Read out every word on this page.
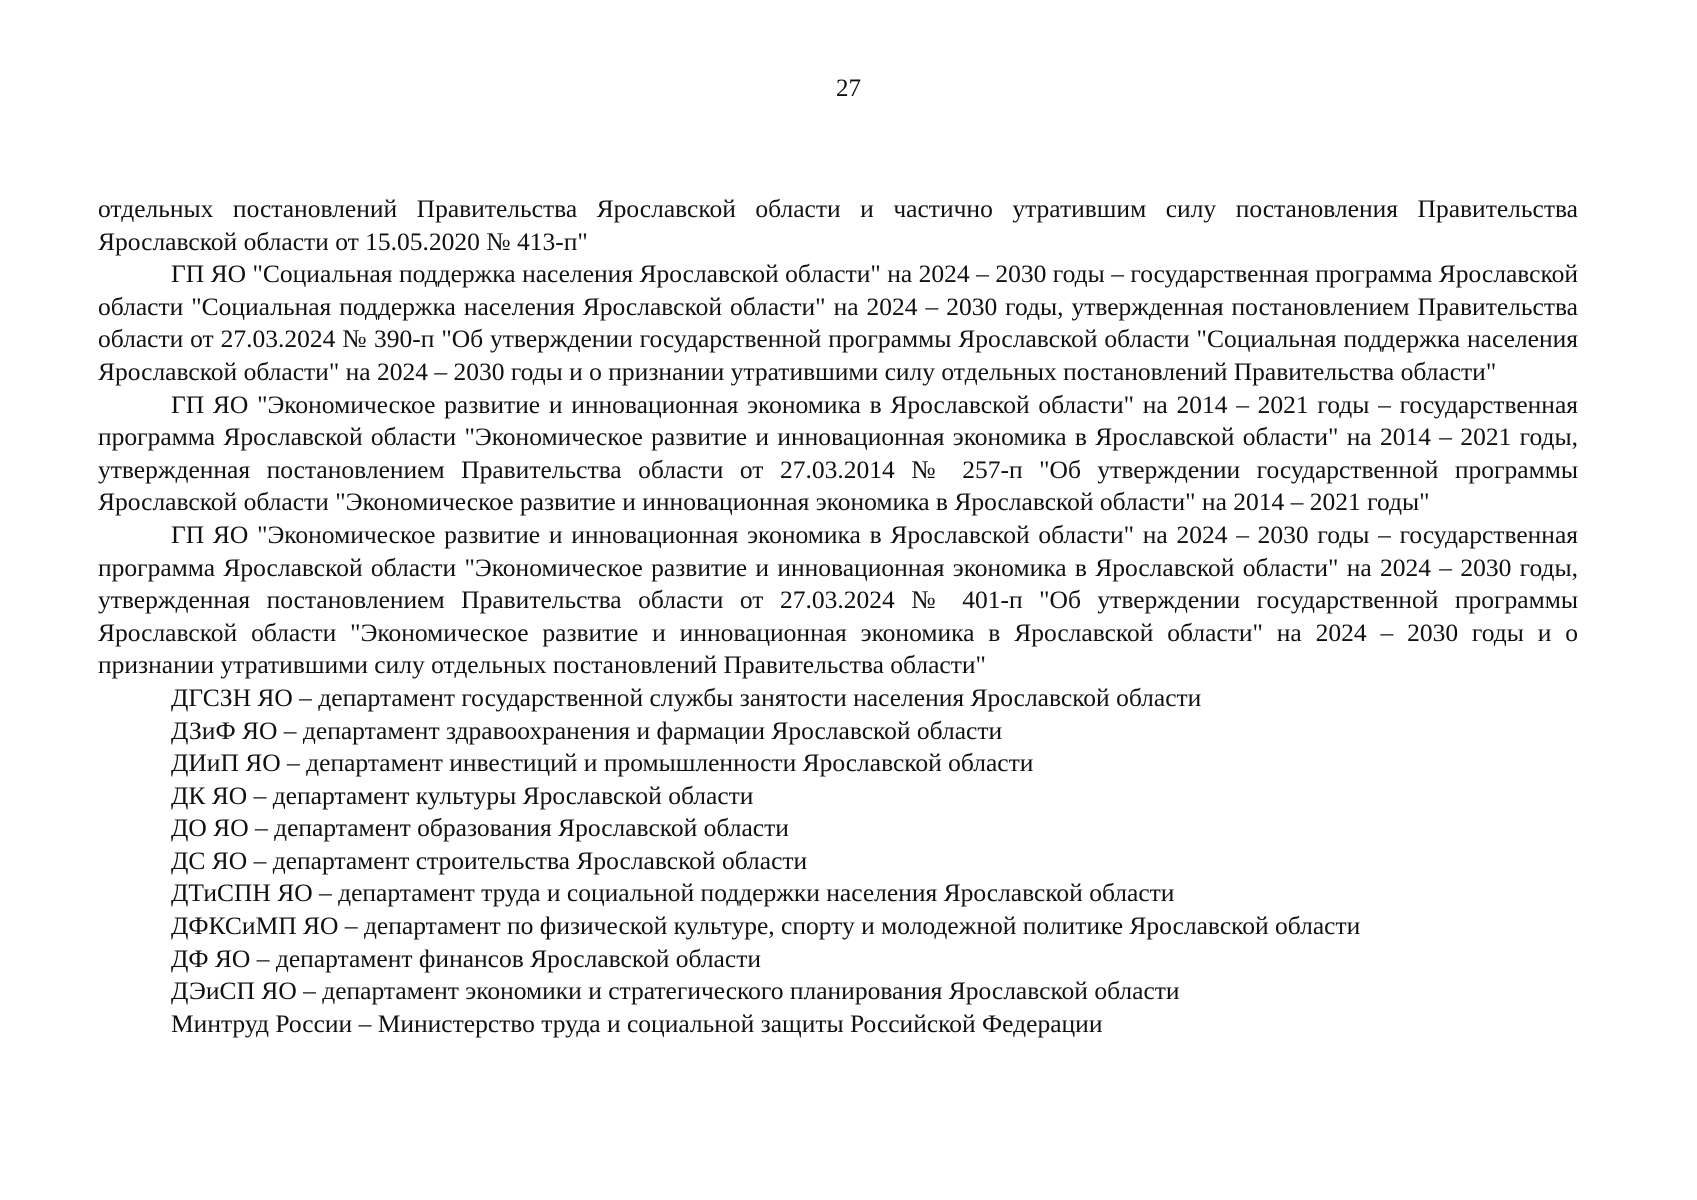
27

отдельных постановлений Правительства Ярославской области и частично утратившим силу постановления Правительства Ярославской области от 15.05.2020 № 413-п"

ГП ЯО "Социальная поддержка населения Ярославской области" на 2024 – 2030 годы – государственная программа Ярославской области "Социальная поддержка населения Ярославской области" на 2024 – 2030 годы, утвержденная постановлением Правительства области от 27.03.2024 № 390-п "Об утверждении государственной программы Ярославской области "Социальная поддержка населения Ярославской области" на 2024 – 2030 годы и о признании утратившими силу отдельных постановлений Правительства области"

ГП ЯО "Экономическое развитие и инновационная экономика в Ярославской области" на 2014 – 2021 годы – государственная программа Ярославской области "Экономическое развитие и инновационная экономика в Ярославской области" на 2014 – 2021 годы, утвержденная постановлением Правительства области от 27.03.2014 № 257-п "Об утверждении государственной программы Ярославской области "Экономическое развитие и инновационная экономика в Ярославской области" на 2014 – 2021 годы"

ГП ЯО "Экономическое развитие и инновационная экономика в Ярославской области" на 2024 – 2030 годы – государственная программа Ярославской области "Экономическое развитие и инновационная экономика в Ярославской области" на 2024 – 2030 годы, утвержденная постановлением Правительства области от 27.03.2024 № 401-п "Об утверждении государственной программы Ярославской области "Экономическое развитие и инновационная экономика в Ярославской области" на 2024 – 2030 годы и о признании утратившими силу отдельных постановлений Правительства области"

ДГСЗН ЯО – департамент государственной службы занятости населения Ярославской области
ДЗиФ ЯО – департамент здравоохранения и фармации Ярославской области
ДИиП ЯО – департамент инвестиций и промышленности Ярославской области
ДК ЯО – департамент культуры Ярославской области
ДО ЯО – департамент образования Ярославской области
ДС ЯО – департамент строительства Ярославской области
ДТиСПН ЯО – департамент труда и социальной поддержки населения Ярославской области
ДФКСиМП ЯО – департамент по физической культуре, спорту и молодежной политике Ярославской области
ДФ ЯО – департамент финансов Ярославской области
ДЭиСП ЯО – департамент экономики и стратегического планирования Ярославской области
Минтруд России – Министерство труда и социальной защиты Российской Федерации
